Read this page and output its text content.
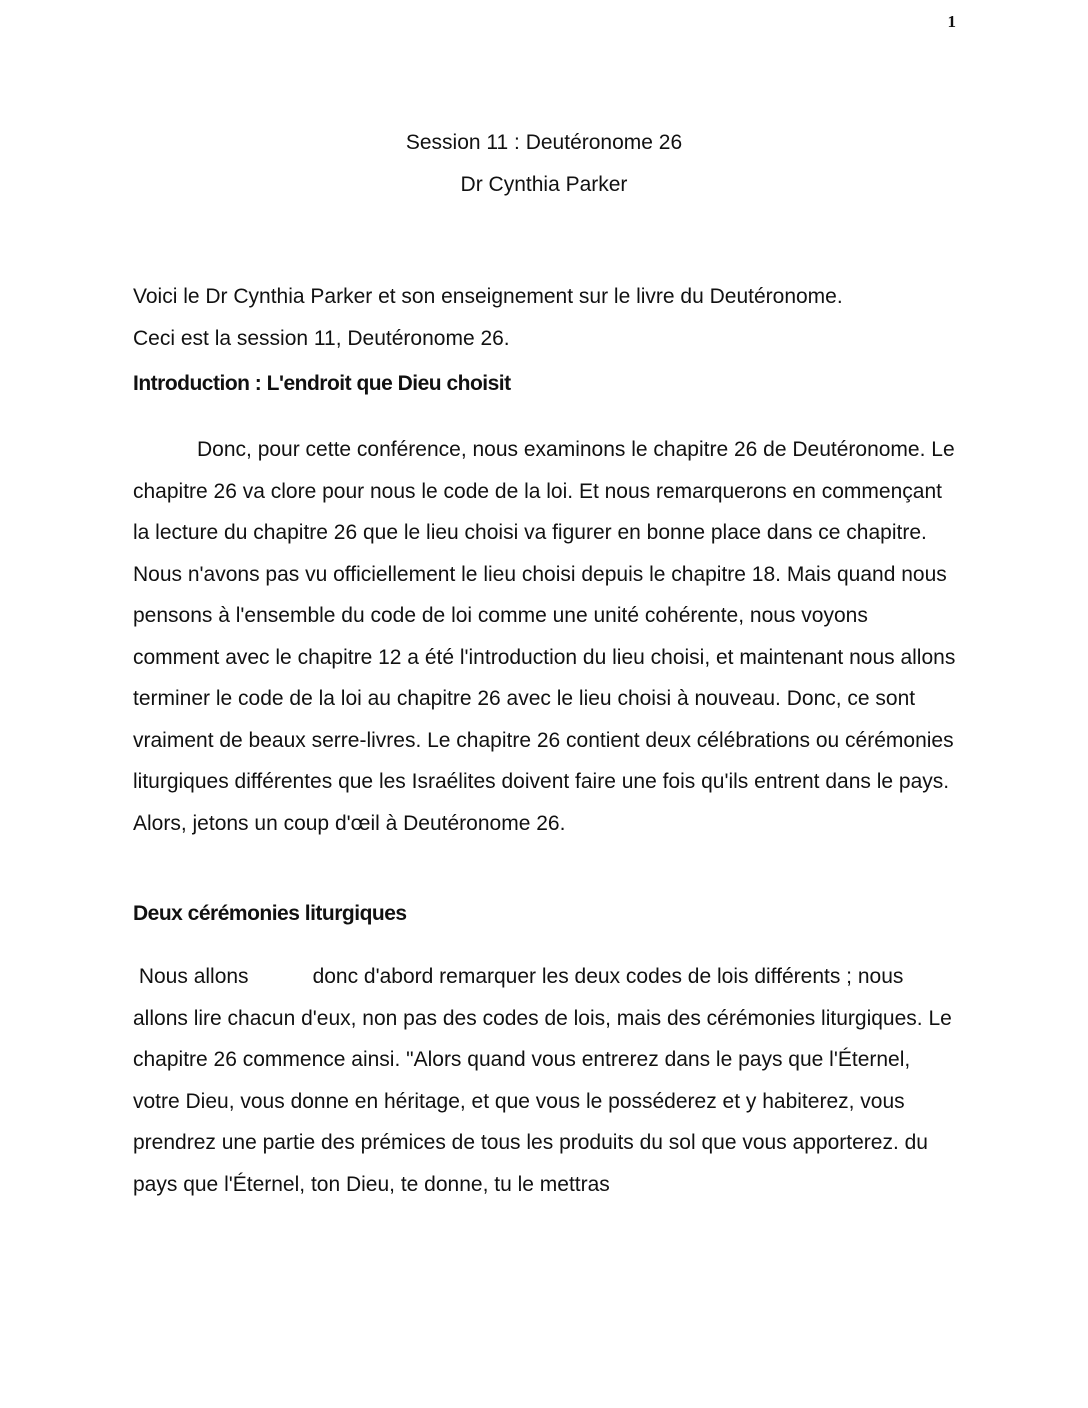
1
Session 11 : Deutéronome 26
Dr Cynthia Parker
Voici le Dr Cynthia Parker et son enseignement sur le livre du Deutéronome.
Ceci est la session 11, Deutéronome 26.
Introduction : L'endroit que Dieu choisit

Donc, pour cette conférence, nous examinons le chapitre 26 de Deutéronome. Le chapitre 26 va clore pour nous le code de la loi. Et nous remarquerons en commençant la lecture du chapitre 26 que le lieu choisi va figurer en bonne place dans ce chapitre. Nous n'avons pas vu officiellement le lieu choisi depuis le chapitre 18. Mais quand nous pensons à l'ensemble du code de loi comme une unité cohérente, nous voyons comment avec le chapitre 12 a été l'introduction du lieu choisi, et maintenant nous allons terminer le code de la loi au chapitre 26 avec le lieu choisi à nouveau. Donc, ce sont vraiment de beaux serre-livres. Le chapitre 26 contient deux célébrations ou cérémonies liturgiques différentes que les Israélites doivent faire une fois qu'ils entrent dans le pays. Alors, jetons un coup d'œil à Deutéronome 26.

Deux cérémonies liturgiques

Nous allons	donc d'abord remarquer les deux codes de lois différents ; nous allons lire chacun d'eux, non pas des codes de lois, mais des cérémonies liturgiques. Le chapitre 26 commence ainsi. "Alors quand vous entrerez dans le pays que l'Éternel, votre Dieu, vous donne en héritage, et que vous le posséderez et y habiterez, vous prendrez une partie des prémices de tous les produits du sol que vous apporterez. du pays que l'Éternel, ton Dieu, te donne, tu le mettras
